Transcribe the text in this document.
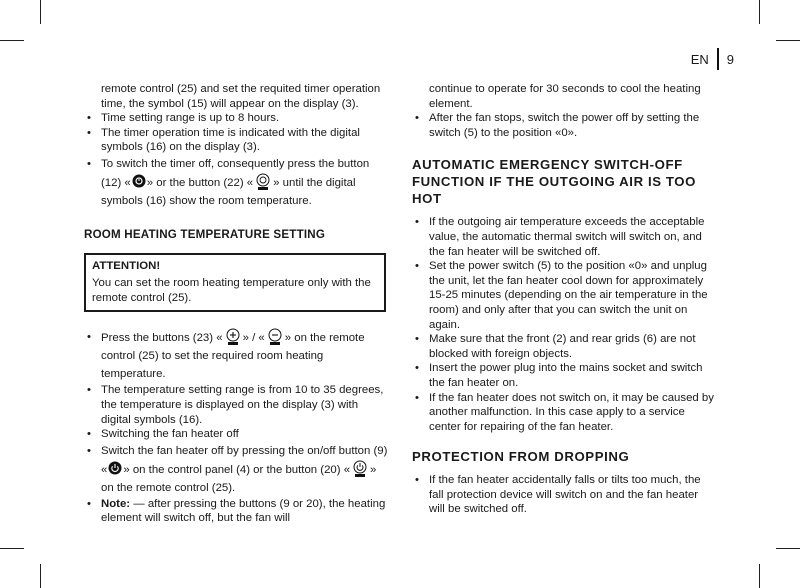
EN 9
remote control (25) and set the requited timer operation time, the symbol (15) will appear on the display (3).
• Time setting range is up to 8 hours.
• The timer operation time is indicated with the digital symbols (16) on the display (3).
• To switch the timer off, consequently press the button (12) « » or the button (22) « » until the digital symbols (16) show the room temperature.
ROOM HEATING TEMPERATURE SETTING
ATTENTION!
You can set the room heating temperature only with the remote control (25).
• Press the buttons (23) « » / « » on the remote control (25) to set the required room heating temperature.
• The temperature setting range is from 10 to 35 degrees, the temperature is displayed on the display (3) with digital symbols (16).
• Switching the fan heater off
• Switch the fan heater off by pressing the on/off button (9) « » on the control panel (4) or the button (20) « » on the remote control (25).
• Note: — after pressing the buttons (9 or 20), the heating element will switch off, but the fan will
continue to operate for 30 seconds to cool the heating element.
• After the fan stops, switch the power off by setting the switch (5) to the position «0».
AUTOMATIC EMERGENCY SWITCH-OFF FUNCTION IF THE OUTGOING AIR IS TOO HOT
• If the outgoing air temperature exceeds the acceptable value, the automatic thermal switch will switch on, and the fan heater will be switched off.
• Set the power switch (5) to the position «0» and unplug the unit, let the fan heater cool down for approximately 15-25 minutes (depending on the air temperature in the room) and only after that you can switch the unit on again.
• Make sure that the front (2) and rear grids (6) are not blocked with foreign objects.
• Insert the power plug into the mains socket and switch the fan heater on.
• If the fan heater does not switch on, it may be caused by another malfunction. In this case apply to a service center for repairing of the fan heater.
PROTECTION FROM DROPPING
• If the fan heater accidentally falls or tilts too much, the fall protection device will switch on and the fan heater will be switched off.
